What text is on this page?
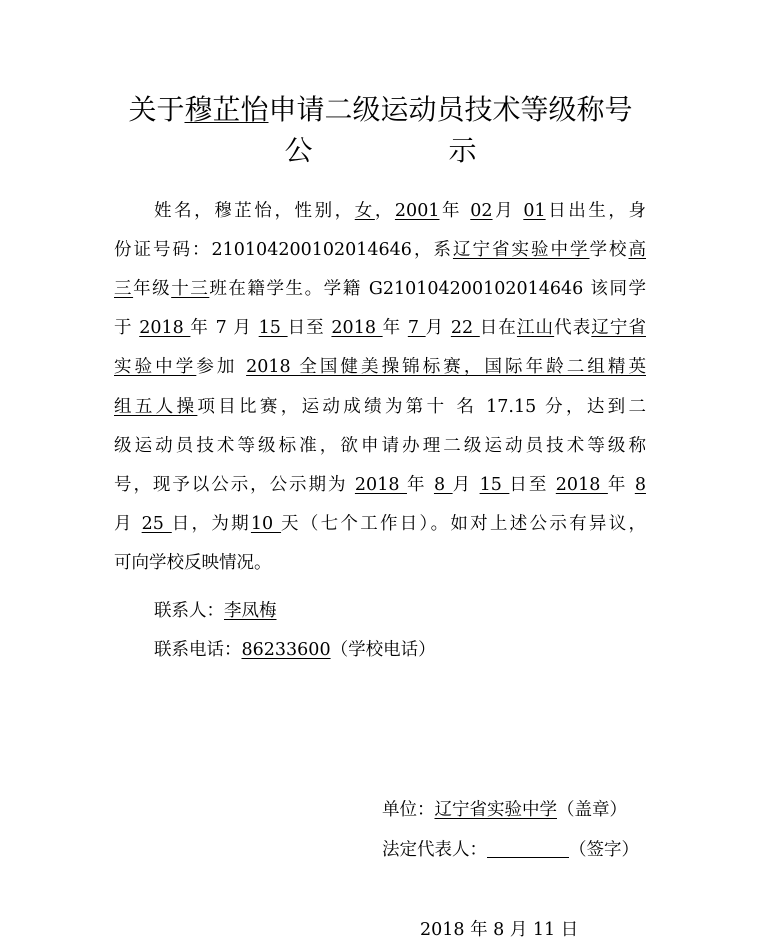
关于穆芷怡申请二级运动员技术等级称号
公	示
姓名，穆芷怡，性别，女，2001年 02月 01日出生，身
份证号码：210104200102014646，系辽宁省实验中学学校高
三年级十三班在籍学生。学籍 G210104200102014646 该同学
于 2018 年 7 月 15 日至 2018 年 7 月 22 日在江山代表辽宁省
实验中学参加 2018 全国健美操锦标赛，国际年龄二组精英
组五人操项目比赛，运动成绩为第十 名 17.15 分，达到二
级运动员技术等级标准，欲申请办理二级运动员技术等级称
号，现予以公示，公示期为 2018 年 8 月 15 日至 2018 年 8
月 25 日，为期10 天（七个工作日）。如对上述公示有异议，
可向学校反映情况。
联系人：李凤梅
联系电话：86233600（学校电话）
单位：辽宁省实验中学（盖章）
法定代表人：	（签字）
2018 年 8 月 11 日
